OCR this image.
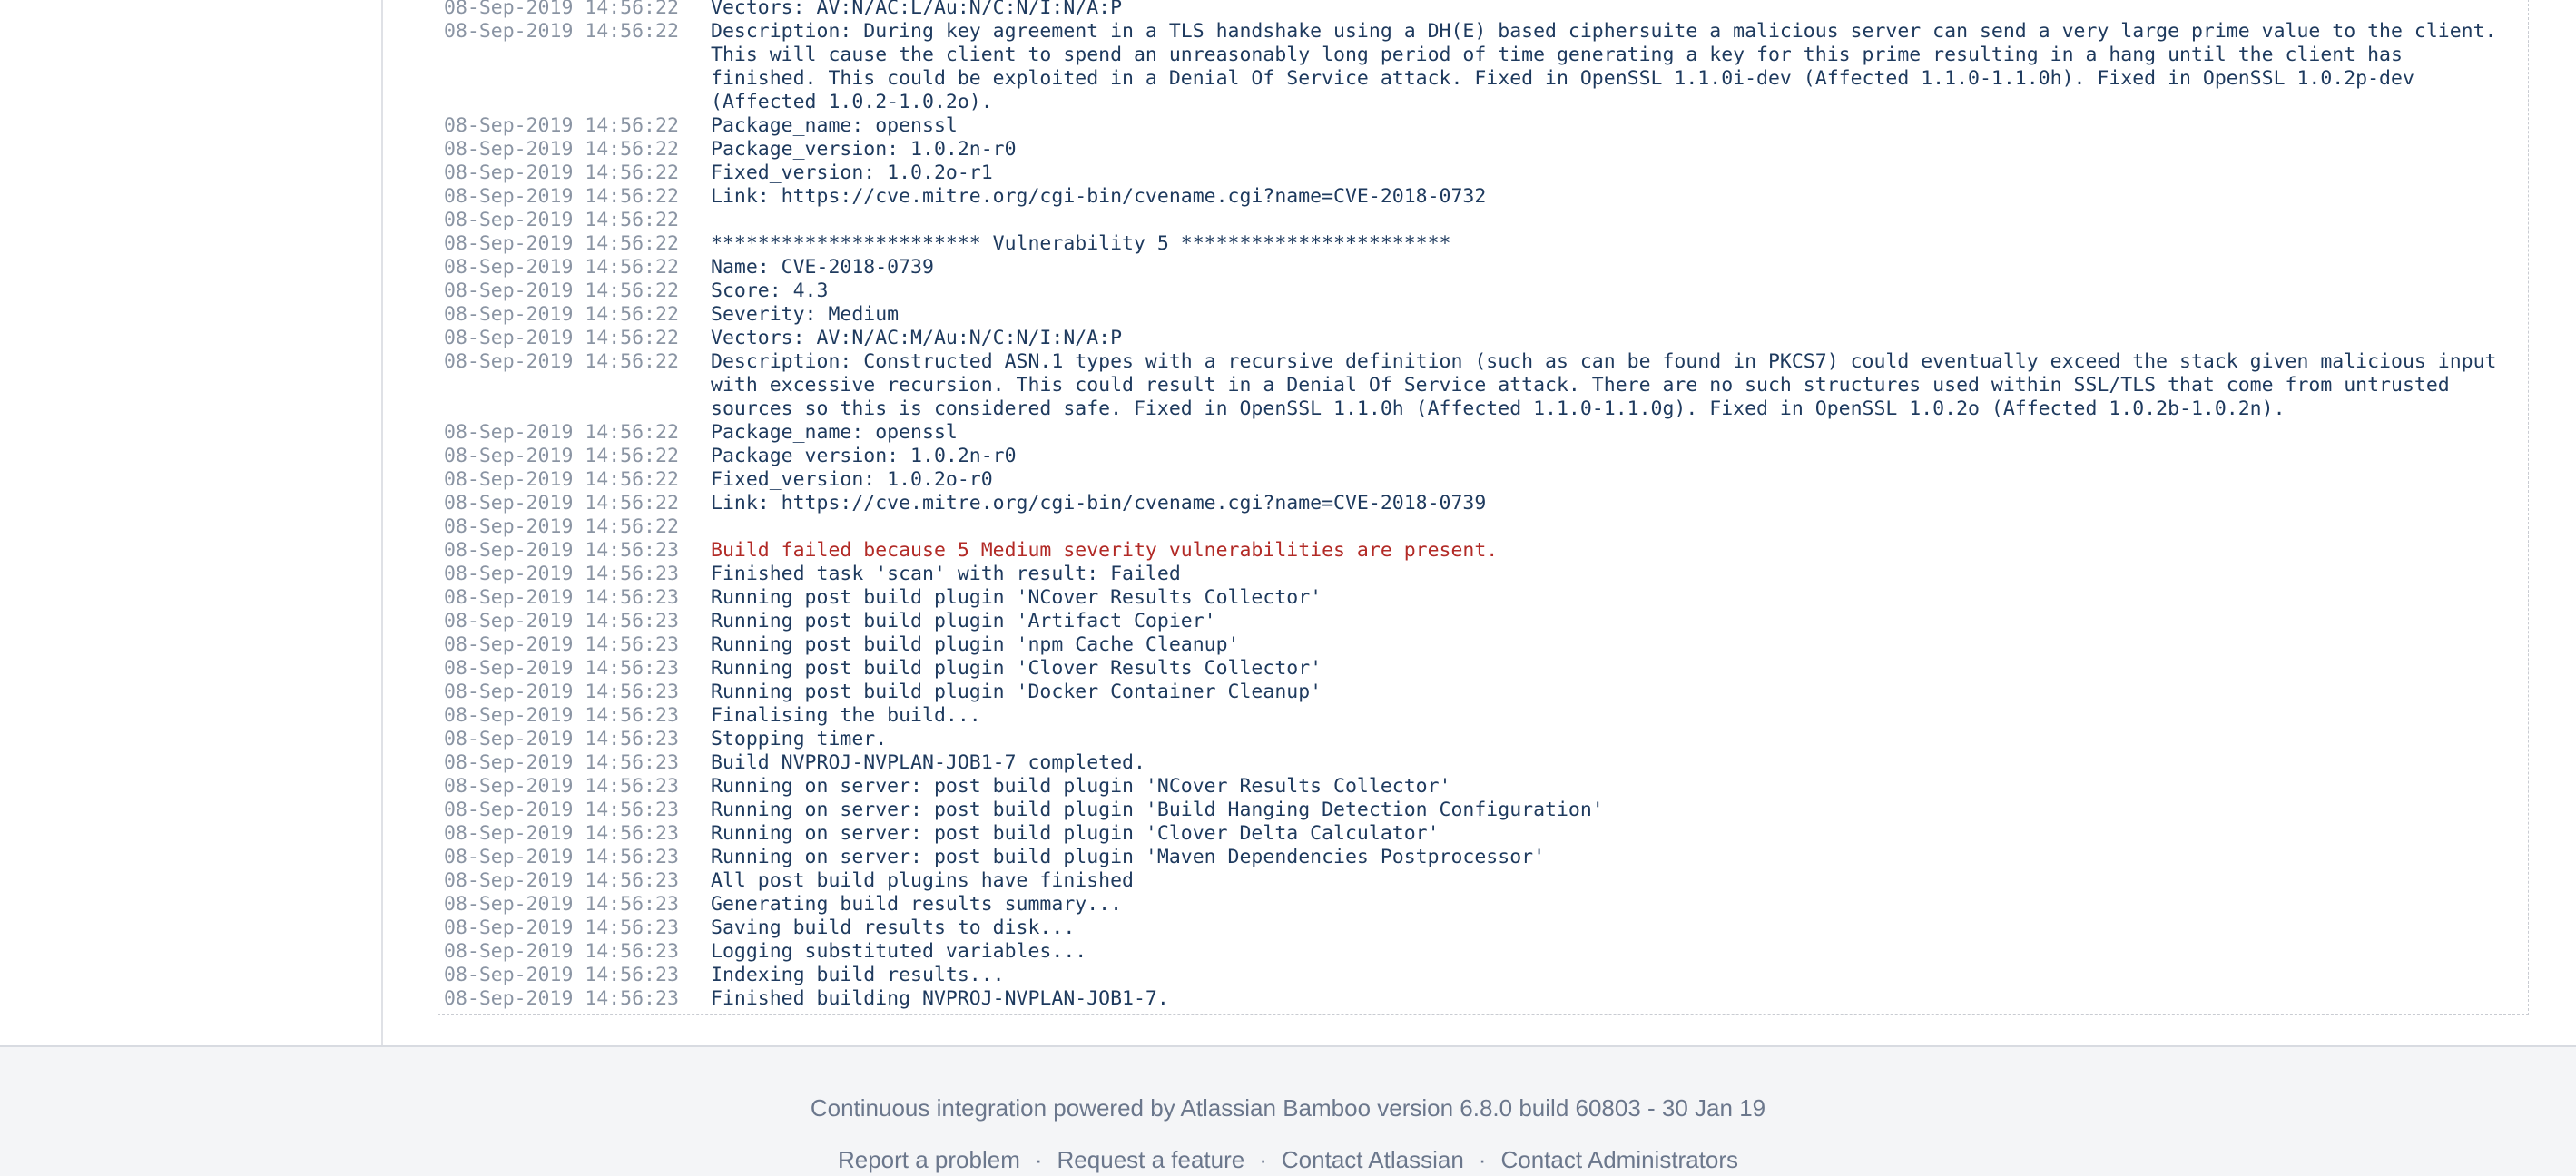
08-Sep-2019 14:56:22	Vectors: AV:N/AC:L/Au:N/C:N/I:N/A:P
08-Sep-2019 14:56:22	Description: During key agreement in a TLS handshake using a DH(E) based ciphersuite a malicious server can send a very large prime value to the client.
This will cause the client to spend an unreasonably long period of time generating a key for this prime resulting in a hang until the client has
finished. This could be exploited in a Denial Of Service attack. Fixed in OpenSSL 1.1.0i-dev (Affected 1.1.0-1.1.0h). Fixed in OpenSSL 1.0.2p-dev
(Affected 1.0.2-1.0.2o).
08-Sep-2019 14:56:22	Package_name: openssl
08-Sep-2019 14:56:22	Package_version: 1.0.2n-r0
08-Sep-2019 14:56:22	Fixed_version: 1.0.2o-r1
08-Sep-2019 14:56:22	Link: https://cve.mitre.org/cgi-bin/cvename.cgi?name=CVE-2018-0732
08-Sep-2019 14:56:22
08-Sep-2019 14:56:22	*********************** Vulnerability 5 ***********************
08-Sep-2019 14:56:22	Name: CVE-2018-0739
08-Sep-2019 14:56:22	Score: 4.3
08-Sep-2019 14:56:22	Severity: Medium
08-Sep-2019 14:56:22	Vectors: AV:N/AC:M/Au:N/C:N/I:N/A:P
08-Sep-2019 14:56:22	Description: Constructed ASN.1 types with a recursive definition (such as can be found in PKCS7) could eventually exceed the stack given malicious input
with excessive recursion. This could result in a Denial Of Service attack. There are no such structures used within SSL/TLS that come from untrusted
sources so this is considered safe. Fixed in OpenSSL 1.1.0h (Affected 1.1.0-1.1.0g). Fixed in OpenSSL 1.0.2o (Affected 1.0.2b-1.0.2n).
08-Sep-2019 14:56:22	Package_name: openssl
08-Sep-2019 14:56:22	Package_version: 1.0.2n-r0
08-Sep-2019 14:56:22	Fixed_version: 1.0.2o-r0
08-Sep-2019 14:56:22	Link: https://cve.mitre.org/cgi-bin/cvename.cgi?name=CVE-2018-0739
08-Sep-2019 14:56:22
08-Sep-2019 14:56:23	Build failed because 5 Medium severity vulnerabilities are present.
08-Sep-2019 14:56:23	Finished task 'scan' with result: Failed
08-Sep-2019 14:56:23	Running post build plugin 'NCover Results Collector'
08-Sep-2019 14:56:23	Running post build plugin 'Artifact Copier'
08-Sep-2019 14:56:23	Running post build plugin 'npm Cache Cleanup'
08-Sep-2019 14:56:23	Running post build plugin 'Clover Results Collector'
08-Sep-2019 14:56:23	Running post build plugin 'Docker Container Cleanup'
08-Sep-2019 14:56:23	Finalising the build...
08-Sep-2019 14:56:23	Stopping timer.
08-Sep-2019 14:56:23	Build NVPROJ-NVPLAN-JOB1-7 completed.
08-Sep-2019 14:56:23	Running on server: post build plugin 'NCover Results Collector'
08-Sep-2019 14:56:23	Running on server: post build plugin 'Build Hanging Detection Configuration'
08-Sep-2019 14:56:23	Running on server: post build plugin 'Clover Delta Calculator'
08-Sep-2019 14:56:23	Running on server: post build plugin 'Maven Dependencies Postprocessor'
08-Sep-2019 14:56:23	All post build plugins have finished
08-Sep-2019 14:56:23	Generating build results summary...
08-Sep-2019 14:56:23	Saving build results to disk...
08-Sep-2019 14:56:23	Logging substituted variables...
08-Sep-2019 14:56:23	Indexing build results...
08-Sep-2019 14:56:23	Finished building NVPROJ-NVPLAN-JOB1-7.
Continuous integration powered by Atlassian Bamboo version 6.8.0 build 60803 - 30 Jan 19
Report a problem · Request a feature · Contact Atlassian · Contact Administrators
